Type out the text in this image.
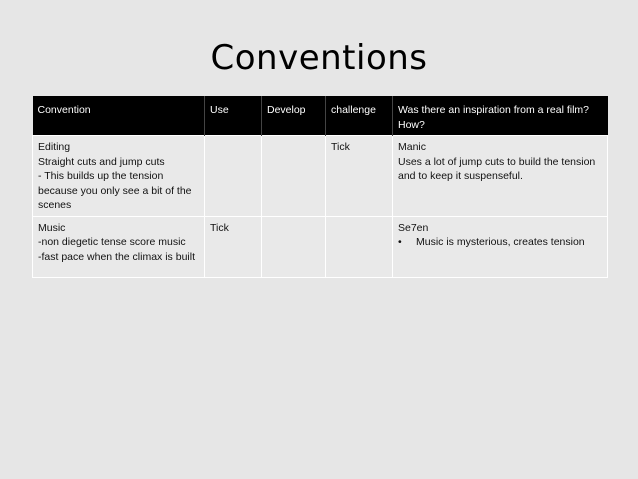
Conventions
Convention	Use	Develop	challenge	Was there an inspiration from a real film? How?

Editing
Straight cuts and jump cuts
- This builds up the tension because you only see a bit of the scenes			Tick	Manic
Uses a lot of jump cuts to build the tension and to keep it suspenseful.

Music
-non diegetic tense score music
-fast pace when the climax is built	Tick			Se7en
• Music is mysterious, creates tension
